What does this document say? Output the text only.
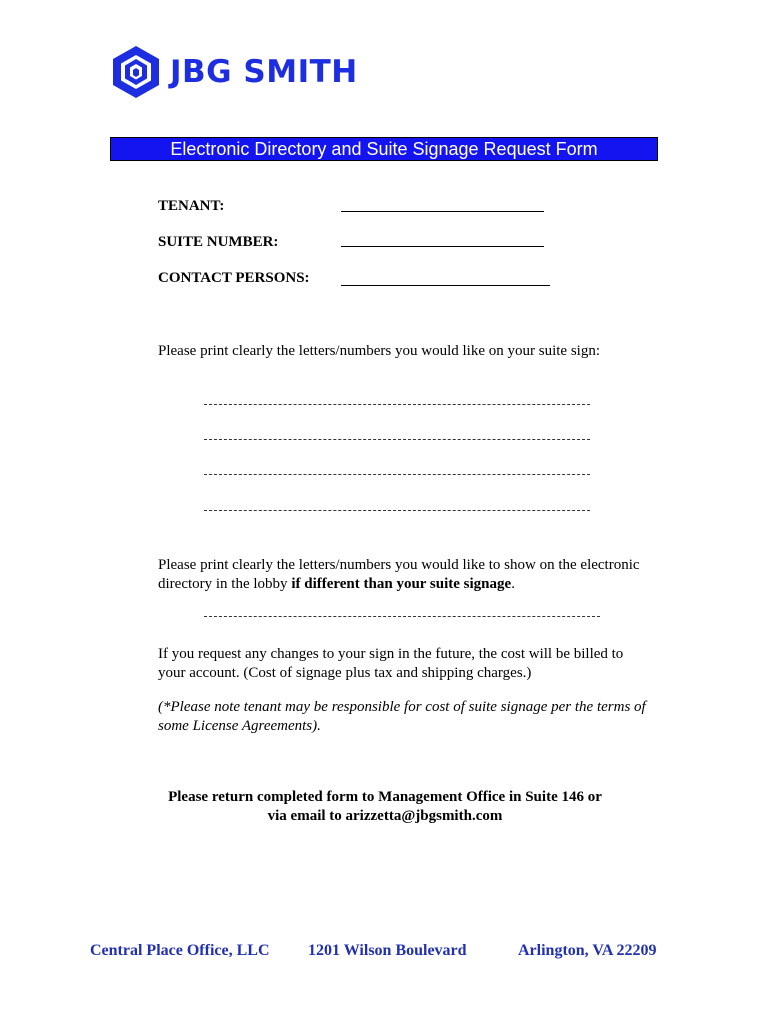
JBG SMITH
Electronic Directory and Suite Signage Request Form
TENANT:
SUITE NUMBER:
CONTACT PERSONS:
Please print clearly the letters/numbers you would like on your suite sign:
Please print clearly the letters/numbers you would like to show on the electronic directory in the lobby if different than your suite signage.
If you request any changes to your sign in the future, the cost will be billed to your account. (Cost of signage plus tax and shipping charges.)
(*Please note tenant may be responsible for cost of suite signage per the terms of some License Agreements).
Please return completed form to Management Office in Suite 146 or
via email to arizzetta@jbgsmith.com
Central Place Office, LLC 1201 Wilson Boulevard	Arlington, VA 22209
